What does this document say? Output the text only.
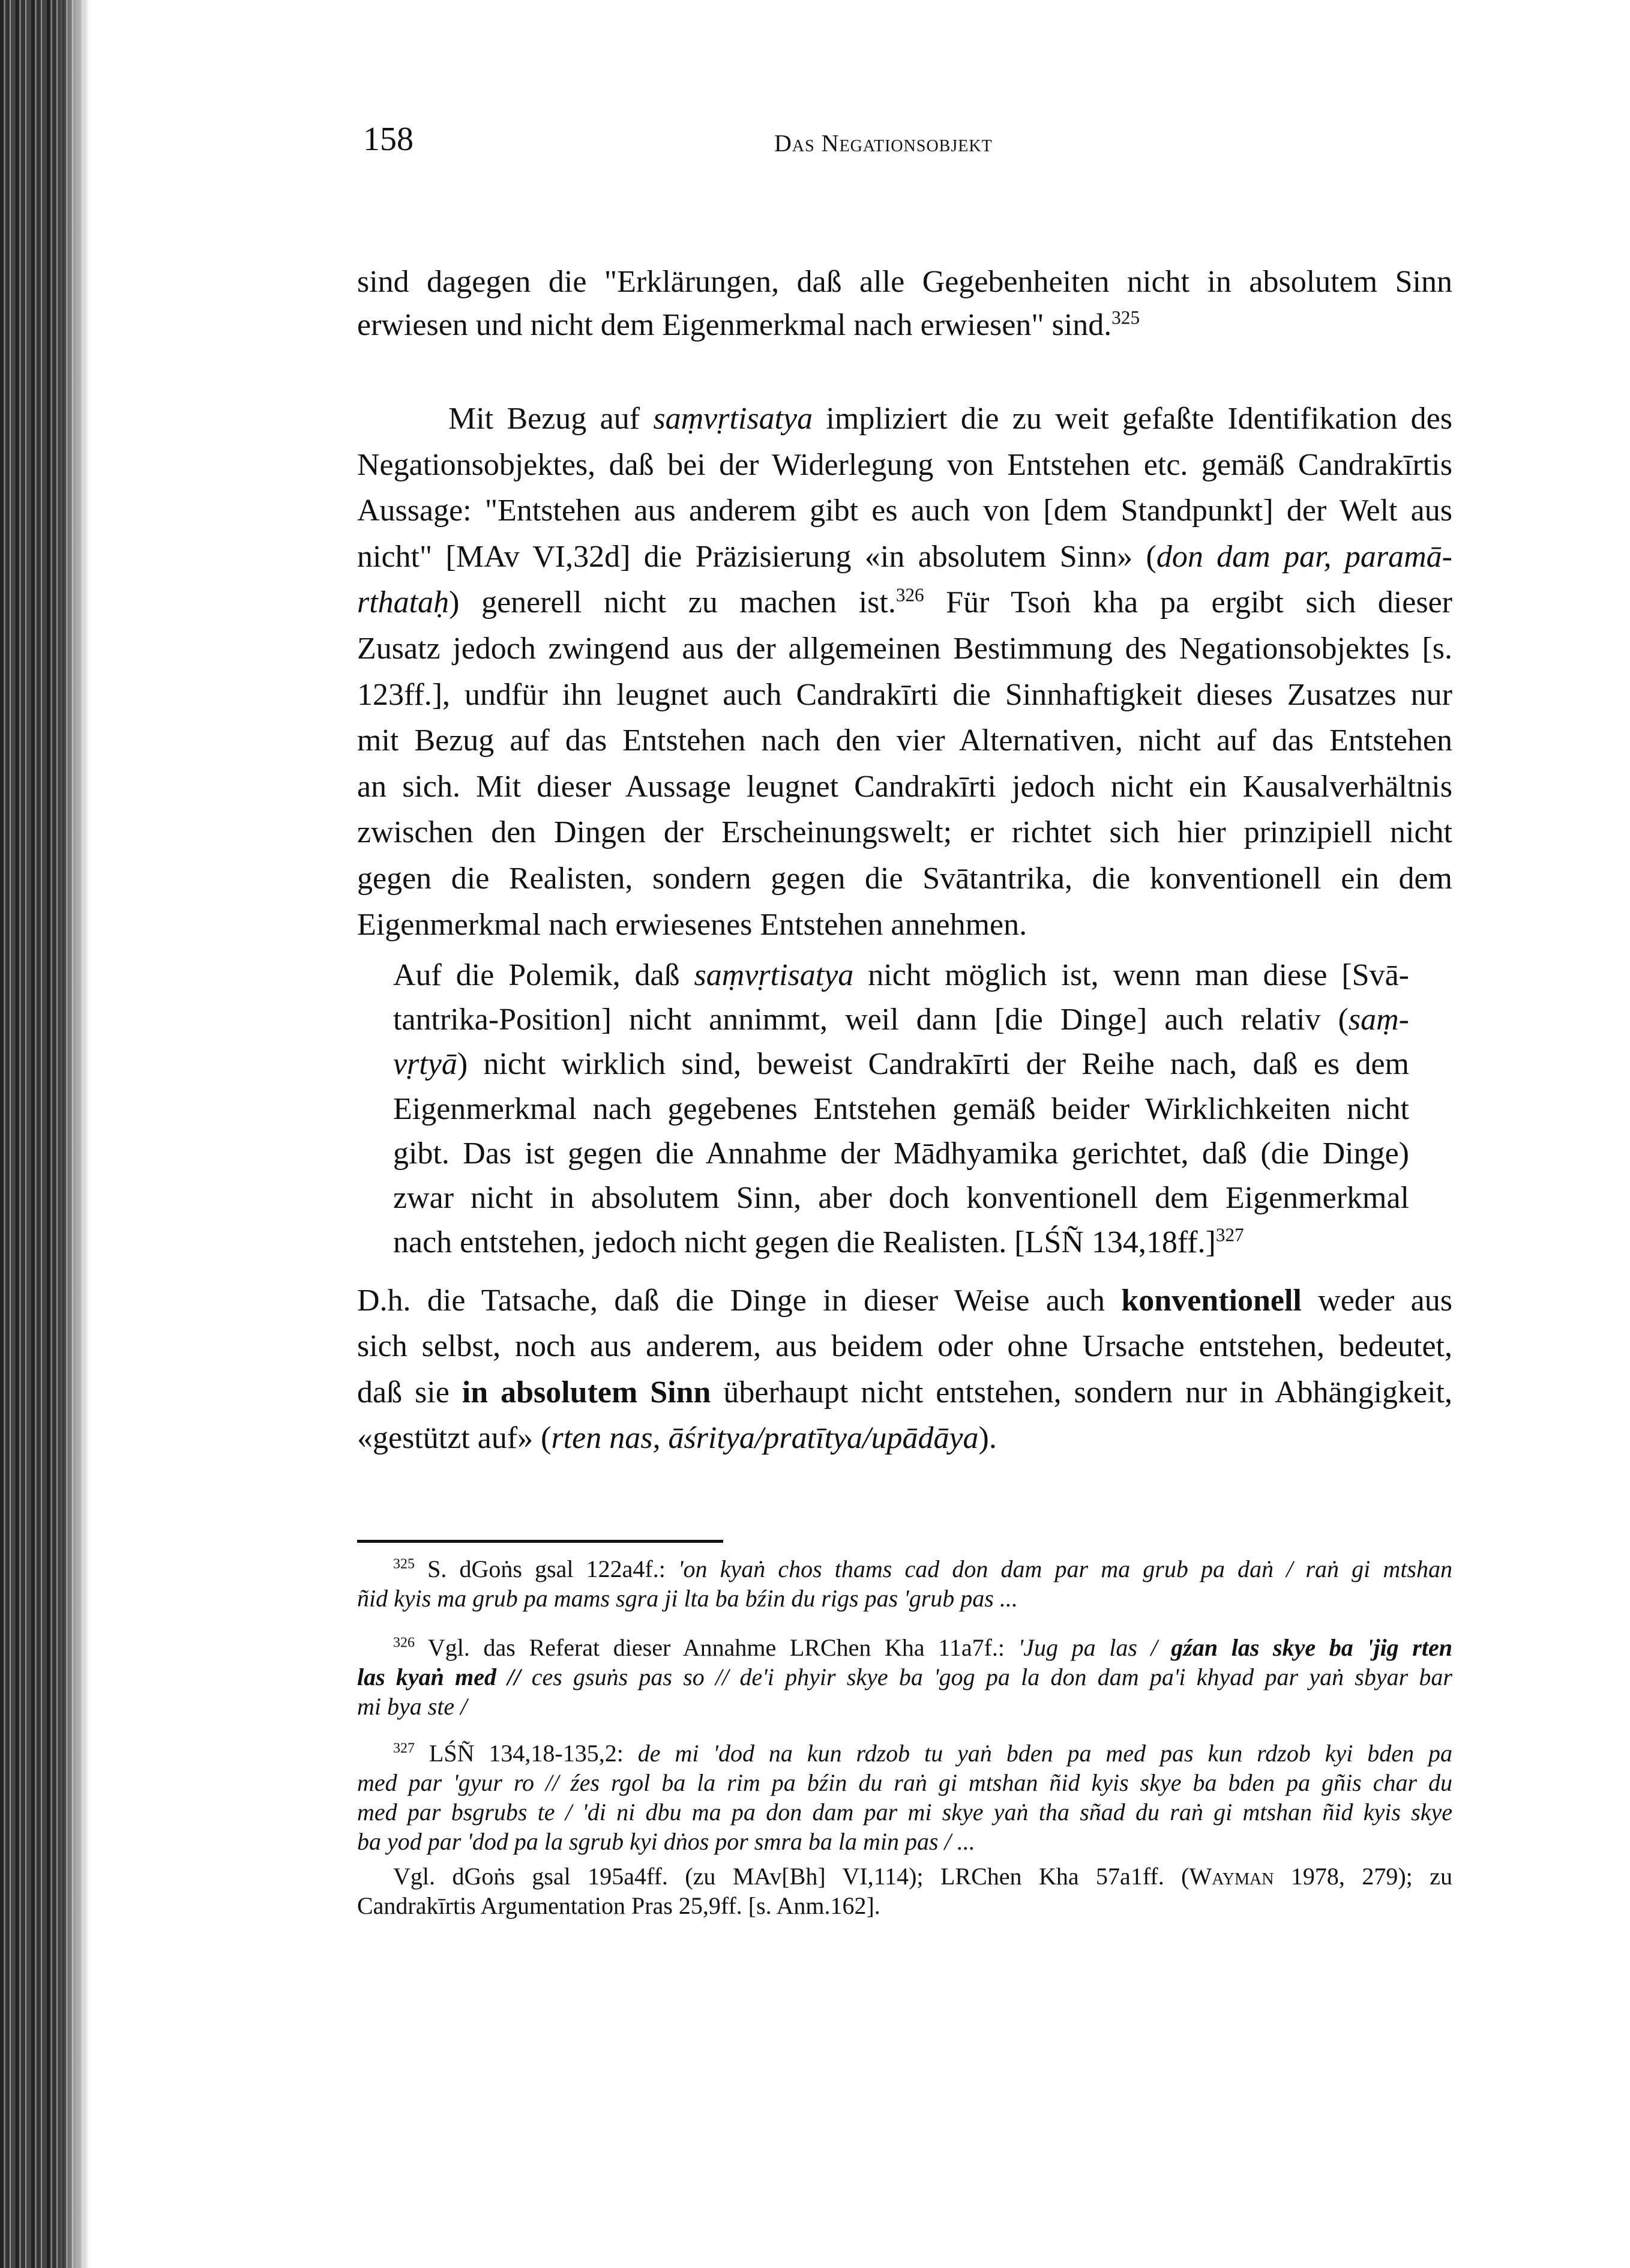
158	Das Negationsobjekt
sind dagegen die "Erklärungen, daß alle Gegebenheiten nicht in absolutem Sinn
erwiesen und nicht dem Eigenmerkmal nach erwiesen" sind.$^{325}$
Mit Bezug auf saṃvṛtisatya impliziert die zu weit gefaßte Identifikation des
Negationsobjektes, daß bei der Widerlegung von Entstehen etc. gemäß Candrakīrtis
Aussage: "Entstehen aus anderem gibt es auch von [dem Standpunkt] der Welt aus
nicht" [MAv VI,32d] die Präzisierung «in absolutem Sinn» (don dam par, paramā-
rthataḥ) generell nicht zu machen ist.$^{326}$ Für Tsoṅ kha pa ergibt sich dieser
Zusatz jedoch zwingend aus der allgemeinen Bestimmung des Negationsobjektes [s.
123ff.], undfür ihn leugnet auch Candrakīrti die Sinnhaftigkeit dieses Zusatzes nur
mit Bezug auf das Entstehen nach den vier Alternativen, nicht auf das Entstehen
an sich. Mit dieser Aussage leugnet Candrakīrti jedoch nicht ein Kausalverhältnis
zwischen den Dingen der Erscheinungswelt; er richtet sich hier prinzipiell nicht
gegen die Realisten, sondern gegen die Svātantrika, die konventionell ein dem
Eigenmerkmal nach erwiesenes Entstehen annehmen.
Auf die Polemik, daß saṃvṛtisatya nicht möglich ist, wenn man diese [Svā-
tantrika-Position] nicht annimmt, weil dann [die Dinge] auch relativ (saṃ-
vṛtyā) nicht wirklich sind, beweist Candrakīrti der Reihe nach, daß es dem
Eigenmerkmal nach gegebenes Entstehen gemäß beider Wirklichkeiten nicht
gibt. Das ist gegen die Annahme der Mādhyamika gerichtet, daß (die Dinge)
zwar nicht in absolutem Sinn, aber doch konventionell dem Eigenmerkmal
nach entstehen, jedoch nicht gegen die Realisten. [LŚÑ 134,18ff.]$^{327}$
D.h. die Tatsache, daß die Dinge in dieser Weise auch konventionell weder aus
sich selbst, noch aus anderem, aus beidem oder ohne Ursache entstehen, bedeutet,
daß sie in absolutem Sinn überhaupt nicht entstehen, sondern nur in Abhängigkeit,
«gestützt auf» (rten nas, āśritya/pratītya/upādāya).
$^{325}$ S. dGoṅs gsal 122a4f.: 'on kyaṅ chos thams cad don dam par ma grub pa daṅ / raṅ gi mtshan
ñid kyis ma grub pa mams sgra ji lta ba bźin du rigs pas 'grub pas ...
$^{326}$ Vgl. das Referat dieser Annahme LRChen Kha 11a7f.: 'Jug pa las / gźan las skye ba 'jig rten
las kyaṅ med // ces gsuṅs pas so // de'i phyir skye ba 'gog pa la don dam pa'i khyad par yaṅ sbyar bar
mi bya ste /
$^{327}$ LŚÑ 134,18-135,2: de mi 'dod na kun rdzob tu yaṅ bden pa med pas kun rdzob kyi bden pa
med par 'gyur ro // źes rgol ba la rim pa bźin du raṅ gi mtshan ñid kyis skye ba bden pa gñis char du
med par bsgrubs te / 'di ni dbu ma pa don dam par mi skye yaṅ tha sñad du raṅ gi mtshan ñid kyis skye
ba yod par 'dod pa la sgrub kyi dṅos por smra ba la min pas / ...
Vgl. dGoṅs gsal 195a4ff. (zu MAv[Bh] VI,114); LRChen Kha 57a1ff. (Wayman 1978, 279); zu
Candrakīrtis Argumentation Pras 25,9ff. [s. Anm.162].
